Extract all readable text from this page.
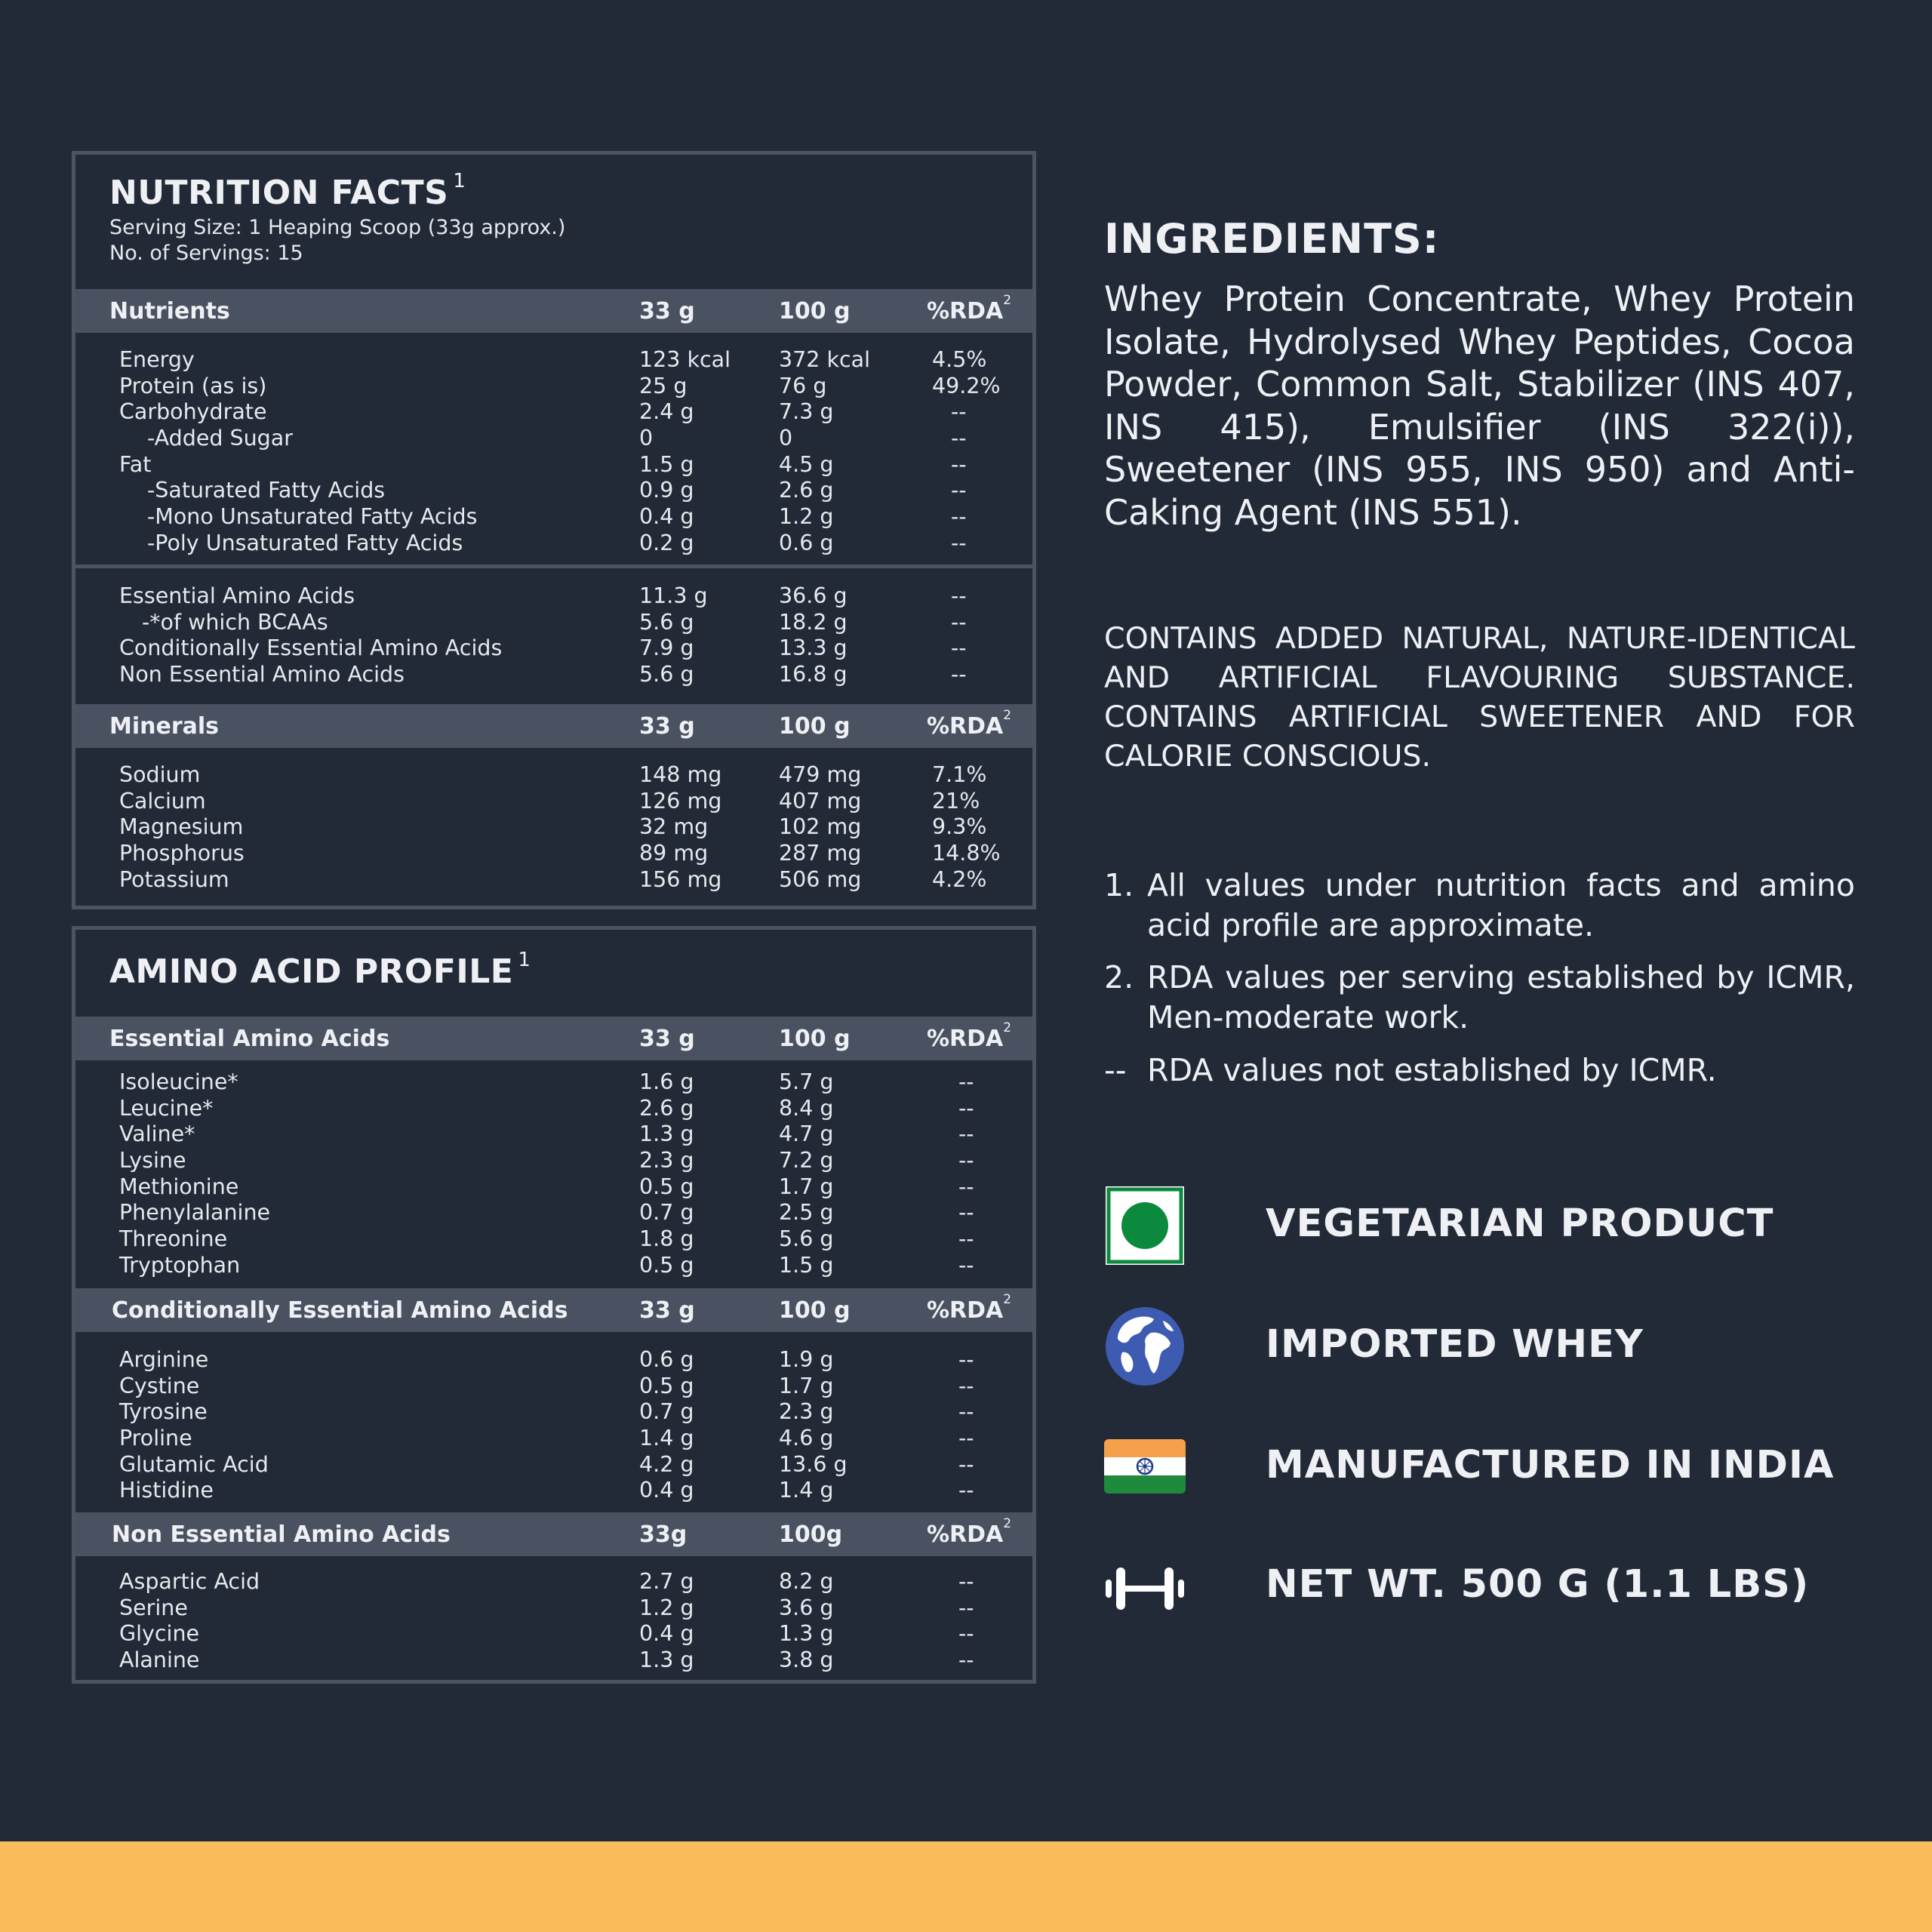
NUTRITION FACTS $^1$
Serving Size: 1 Heaping Scoop (33g approx.)
No. of Servings: 15
Nutrients	33 g	100 g	%RDA$^2$
Energy	123 kcal 372 kcal	4.5%
Protein (as is)	25 g	76 g	49.2%
Carbohydrate	2.4 g	7.3 g	--
-Added Sugar	0	0	--
Fat	1.5 g	4.5 g	--
-Saturated Fatty Acids	0.9 g	2.6 g	--
-Mono Unsaturated Fatty Acids	0.4 g	1.2 g	--
-Poly Unsaturated Fatty Acids	0.2 g	0.6 g	--
Essential Amino Acids	11.3 g	36.6 g	--
-*of which BCAAs	5.6 g	18.2 g	--
Conditionally Essential Amino Acids	7.9 g	13.3 g	--
Non Essential Amino Acids	5.6 g	16.8 g	--
Minerals	33 g	100 g	%RDA$^2$
Sodium	148 mg	479 mg	7.1%
Calcium	126 mg	407 mg	21%
Magnesium	32 mg	102 mg	9.3%
Phosphorus	89 mg	287 mg	14.8%
Potassium	156 mg	506 mg	4.2%
AMINO ACID PROFILE $^1$
Essential Amino Acids	33 g	100 g	%RDA$^2$
Isoleucine*	1.6 g	5.7 g	--
Leucine*	2.6 g	8.4 g	--
Valine*	1.3 g	4.7 g	--
Lysine	2.3 g	7.2 g	--
Methionine	0.5 g	1.7 g	--
Phenylalanine	0.7 g	2.5 g	--
Threonine	1.8 g	5.6 g	--
Tryptophan	0.5 g	1.5 g	--
Conditionally Essential Amino Acids	33 g	100 g	%RDA$^2$
Arginine	0.6 g	1.9 g	--
Cystine	0.5 g	1.7 g	--
Tyrosine	0.7 g	2.3 g	--
Proline	1.4 g	4.6 g	--
Glutamic Acid	4.2 g	13.6 g	--
Histidine	0.4 g	1.4 g	--
Non Essential Amino Acids	33g	100g	%RDA$^2$
Aspartic Acid	2.7 g	8.2 g	--
Serine	1.2 g	3.6 g	--
Glycine	0.4 g	1.3 g	--
Alanine	1.3 g	3.8 g	--
INGREDIENTS:
Whey Protein Concentrate, Whey Protein Isolate, Hydrolysed Whey Peptides, Cocoa Powder, Common Salt, Stabilizer (INS 407, INS 415), Emulsifier (INS 322(i)), Sweetener (INS 955, INS 950) and Anti-Caking Agent (INS 551).
CONTAINS ADDED NATURAL, NATURE-IDENTICAL AND ARTIFICIAL FLAVOURING SUBSTANCE. CONTAINS ARTIFICIAL SWEETENER AND FOR CALORIE CONSCIOUS.
1. All values under nutrition facts and amino acid profile are approximate.
2. RDA values per serving established by ICMR, Men-moderate work.
-- RDA values not established by ICMR.
VEGETARIAN PRODUCT
IMPORTED WHEY
MANUFACTURED IN INDIA
NET WT. 500 G (1.1 LBS)
